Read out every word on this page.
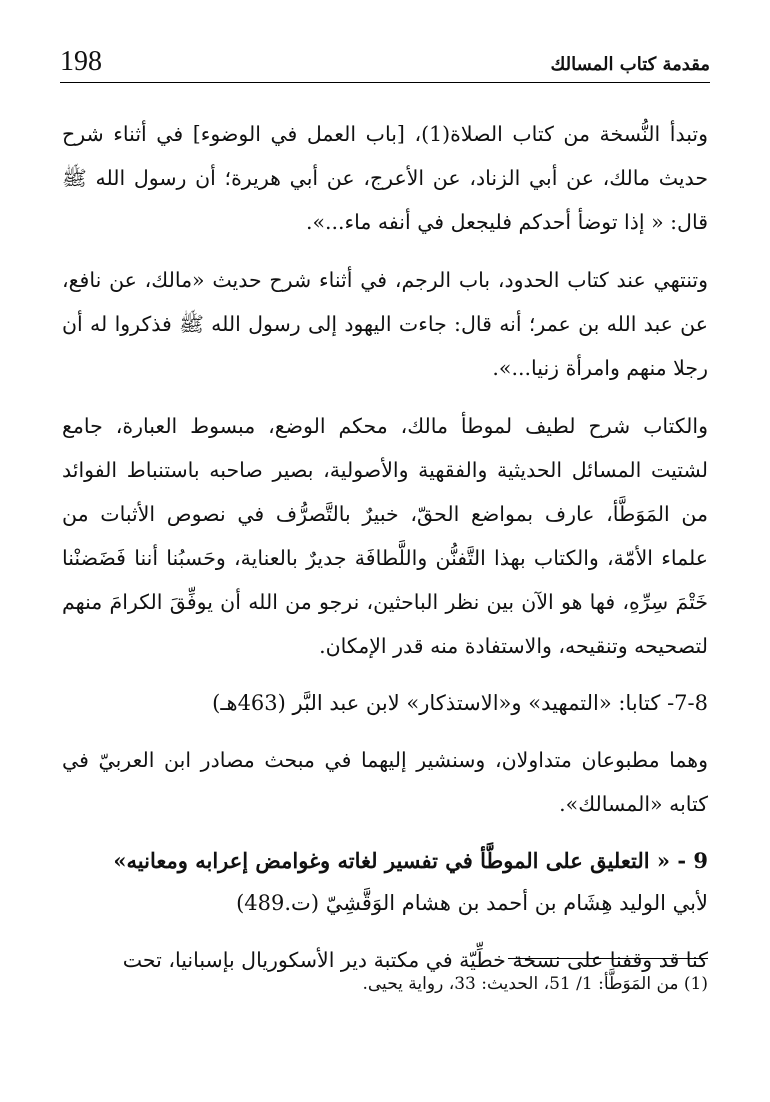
198	مقدمة كتاب المسالك

وتبدأ النُّسخة من كتاب الصلاة(1)، [باب العمل في الوضوء] في أثناء شرح حديث مالك، عن أبي الزناد، عن الأعرج، عن أبي هريرة؛ أن رسول الله ﷺ قال: « إذا توضأ أحدكم فليجعل في أنفه ماء...».

وتنتهي عند كتاب الحدود، باب الرجم، في أثناء شرح حديث «مالك، عن نافع، عن عبد الله بن عمر؛ أنه قال: جاءت اليهود إلى رسول الله ﷺ فذكروا له أن رجلا منهم وامرأة زنيا...».

والكتاب شرح لطيف لموطأ مالك، محكم الوضع، مبسوط العبارة، جامع لشتيت المسائل الحديثية والفقهية والأصولية، بصير صاحبه باستنباط الفوائد من المَوَطَّأ، عارف بمواضع الحقّ، خبيرٌ بالتَّصرُّف في نصوص الأثبات من علماء الأمّة، والكتاب بهذا التَّفنُّن واللَّطافَة جديرٌ بالعناية، وحَسبُنا أننا فَضَضنْنا خَتْمَ سِرِّهِ، فها هو الآن بين نظر الباحثين، نرجو من الله أن يوفِّقَ الكرامَ منهم لتصحيحه وتنقيحه، والاستفادة منه قدر الإمكان.

7-8- كتابا: «التمهيد» و«الاستذكار» لابن عبد البَّر (463هـ)

وهما مطبوعان متداولان، وسنشير إليهما في مبحث مصادر ابن العربيّ في كتابه «المسالك».

9 - « التعليق على الموطَّأ في تفسير لغاته وغوامض إعرابه ومعانيه»

لأبي الوليد هِشَام بن أحمد بن هشام الوَقَّشِيّ (ت.489)

كنا قد وقفنا على نسخة خطِّيّة في مكتبة دير الأسكوريال بإسبانيا، تحت

(1) من المَوَطَّأ: 1/ 51، الحديث: 33، رواية يحيى.
